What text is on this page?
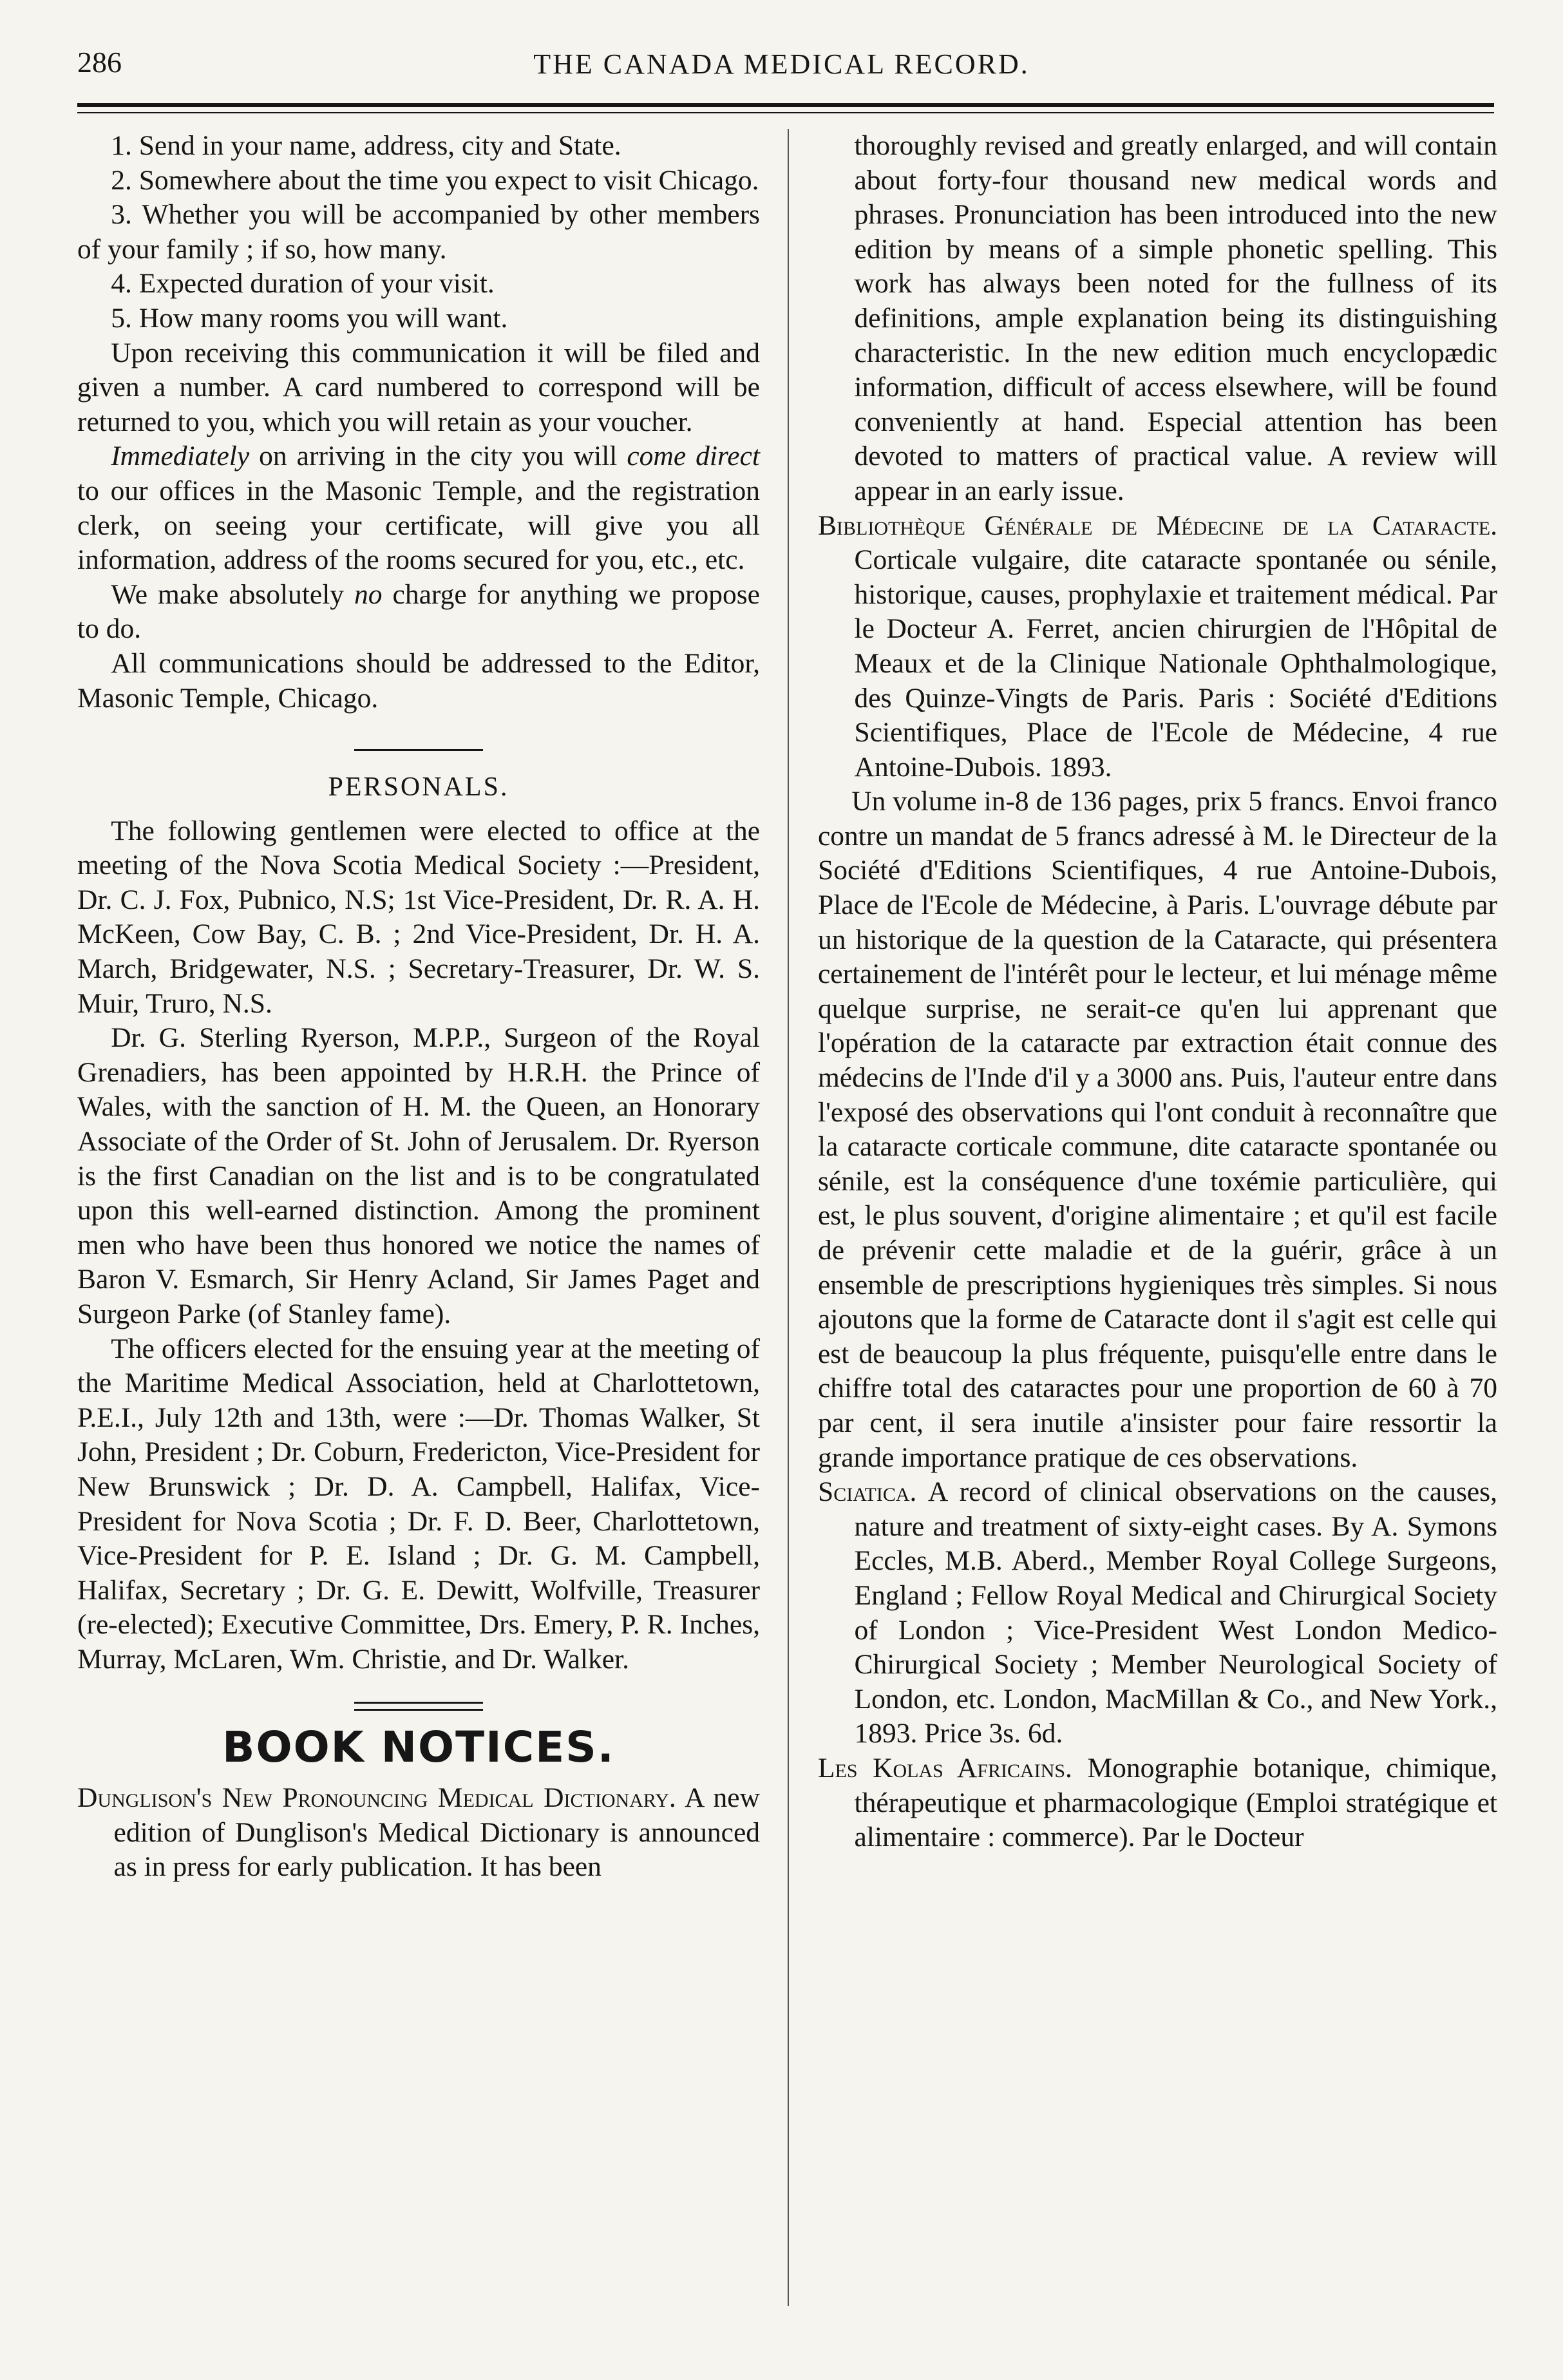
286	THE CANADA MEDICAL RECORD.

1. Send in your name, address, city and State.

2. Somewhere about the time you expect to visit Chicago.

3. Whether you will be accompanied by other members of your family ; if so, how many.

4. Expected duration of your visit.

5. How many rooms you will want.

Upon receiving this communication it will be filed and given a number. A card numbered to correspond will be returned to you, which you will retain as your voucher.

Immediately on arriving in the city you will come direct to our offices in the Masonic Temple, and the registration clerk, on seeing your certificate, will give you all information, address of the rooms secured for you, etc., etc.

We make absolutely no charge for anything we propose to do.

All communications should be addressed to the Editor, Masonic Temple, Chicago.

PERSONALS.

The following gentlemen were elected to office at the meeting of the Nova Scotia Medical Society :—President, Dr. C. J. Fox, Pubnico, N.S; 1st Vice-President, Dr. R. A. H. McKeen, Cow Bay, C. B. ; 2nd Vice-President, Dr. H. A. March, Bridgewater, N.S. ; Secretary-Treasurer, Dr. W. S. Muir, Truro, N.S.

Dr. G. Sterling Ryerson, M.P.P., Surgeon of the Royal Grenadiers, has been appointed by H.R.H. the Prince of Wales, with the sanction of H. M. the Queen, an Honorary Associate of the Order of St. John of Jerusalem. Dr. Ryerson is the first Canadian on the list and is to be congratulated upon this well-earned distinction. Among the prominent men who have been thus honored we notice the names of Baron V. Esmarch, Sir Henry Acland, Sir James Paget and Surgeon Parke (of Stanley fame).

The officers elected for the ensuing year at the meeting of the Maritime Medical Association, held at Charlottetown, P.E.I., July 12th and 13th, were :—Dr. Thomas Walker, St John, President ; Dr. Coburn, Fredericton, Vice-President for New Brunswick ; Dr. D. A. Campbell, Halifax, Vice-President for Nova Scotia ; Dr. F. D. Beer, Charlottetown, Vice-President for P. E. Island ; Dr. G. M. Campbell, Halifax, Secretary ; Dr. G. E. Dewitt, Wolfville, Treasurer (re-elected); Executive Committee, Drs. Emery, P. R. Inches, Murray, McLaren, Wm. Christie, and Dr. Walker.

BOOK NOTICES.

Dunglison's New Pronouncing Medical Dictionary. A new edition of Dunglison's Medical Dictionary is announced as in press for early publication. It has been

thoroughly revised and greatly enlarged, and will contain about forty-four thousand new medical words and phrases. Pronunciation has been introduced into the new edition by means of a simple phonetic spelling. This work has always been noted for the fullness of its definitions, ample explanation being its distinguishing characteristic. In the new edition much encyclopædic information, difficult of access elsewhere, will be found conveniently at hand. Especial attention has been devoted to matters of practical value. A review will appear in an early issue.

Bibliothèque Générale de Médecine de la Cataracte. Corticale vulgaire, dite cataracte spontanée ou sénile, historique, causes, prophylaxie et traitement médical. Par le Docteur A. Ferret, ancien chirurgien de l'Hôpital de Meaux et de la Clinique Nationale Ophthalmologique, des Quinze-Vingts de Paris. Paris : Société d'Editions Scientifiques, Place de l'Ecole de Médecine, 4 rue Antoine-Dubois. 1893.

Un volume in-8 de 136 pages, prix 5 francs. Envoi franco contre un mandat de 5 francs adressé à M. le Directeur de la Société d'Editions Scientifiques, 4 rue Antoine-Dubois, Place de l'Ecole de Médecine, à Paris. L'ouvrage débute par un historique de la question de la Cataracte, qui présentera certainement de l'intérêt pour le lecteur, et lui ménage même quelque surprise, ne serait-ce qu'en lui apprenant que l'opération de la cataracte par extraction était connue des médecins de l'Inde d'il y a 3000 ans. Puis, l'auteur entre dans l'exposé des observations qui l'ont conduit à reconnaître que la cataracte corticale commune, dite cataracte spontanée ou sénile, est la conséquence d'une toxémie particulière, qui est, le plus souvent, d'origine alimentaire ; et qu'il est facile de prévenir cette maladie et de la guérir, grâce à un ensemble de prescriptions hygieniques très simples. Si nous ajoutons que la forme de Cataracte dont il s'agit est celle qui est de beaucoup la plus fréquente, puisqu'elle entre dans le chiffre total des cataractes pour une proportion de 60 à 70 par cent, il sera inutile a'insister pour faire ressortir la grande importance pratique de ces observations.

Sciatica. A record of clinical observations on the causes, nature and treatment of sixty-eight cases. By A. Symons Eccles, M.B. Aberd., Member Royal College Surgeons, England ; Fellow Royal Medical and Chirurgical Society of London ; Vice-President West London Medico-Chirurgical Society ; Member Neurological Society of London, etc. London, MacMillan & Co., and New York., 1893. Price 3s. 6d.

Les Kolas Africains. Monographie botanique, chimique, thérapeutique et pharmacologique (Emploi stratégique et alimentaire : commerce). Par le Docteur
